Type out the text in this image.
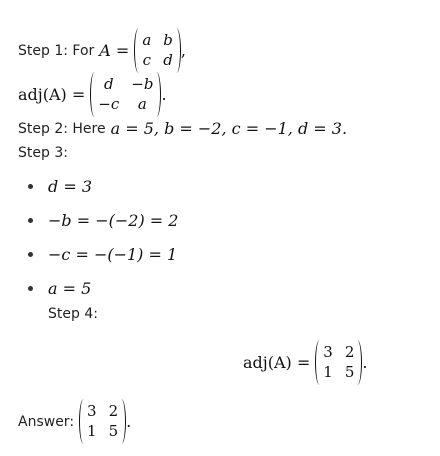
Step 1: For A =
a b
c d ,
adj(A) =
d	−b
−c	a .
Step 2: Here a = 5, b = −2, c = −1, d = 3.
Step 3:
d = 3
−b = −(−2) = 2
−c = −(−1) = 1
a = 5
Step 4:
adj(A) =
3 2
1 5 .
Answer:
3 2
1 5 .
